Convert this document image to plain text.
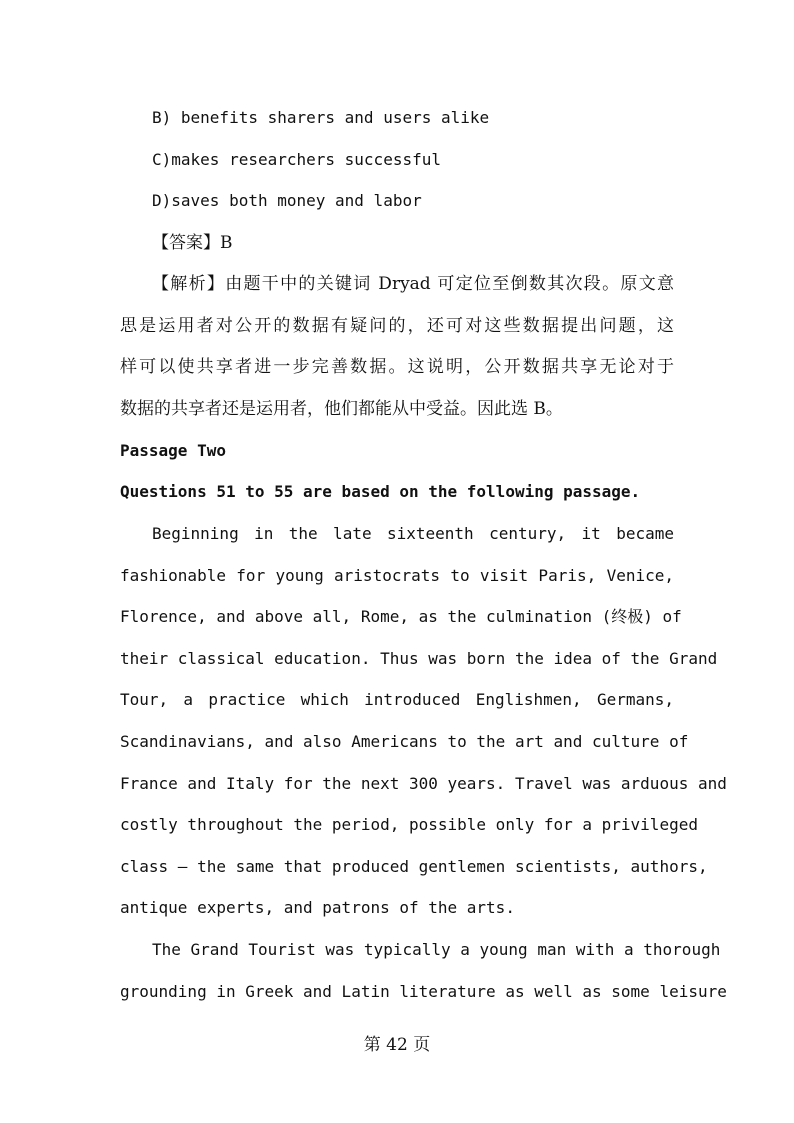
B) benefits sharers and users alike
C)makes researchers successful
D)saves both money and labor
【答案】B
【解析】由题干中的关键词 Dryad 可定位至倒数其次段。原文意
思是运用者对公开的数据有疑问的，还可对这些数据提出问题，这
样可以使共享者进一步完善数据。这说明，公开数据共享无论对于
数据的共享者还是运用者，他们都能从中受益。因此选 B。
Passage Two
Questions 51 to 55 are based on the following passage.
Beginning in the late sixteenth century, it became
fashionable for young aristocrats to visit Paris, Venice,
Florence, and above all, Rome, as the culmination (终极) of
their classical education. Thus was born the idea of the Grand
Tour, a practice which introduced Englishmen, Germans,
Scandinavians, and also Americans to the art and culture of
France and Italy for the next 300 years. Travel was arduous and
costly throughout the period, possible only for a privileged
class — the same that produced gentlemen scientists, authors,
antique experts, and patrons of the arts.
The Grand Tourist was typically a young man with a thorough
grounding in Greek and Latin literature as well as some leisure
第 42 页
